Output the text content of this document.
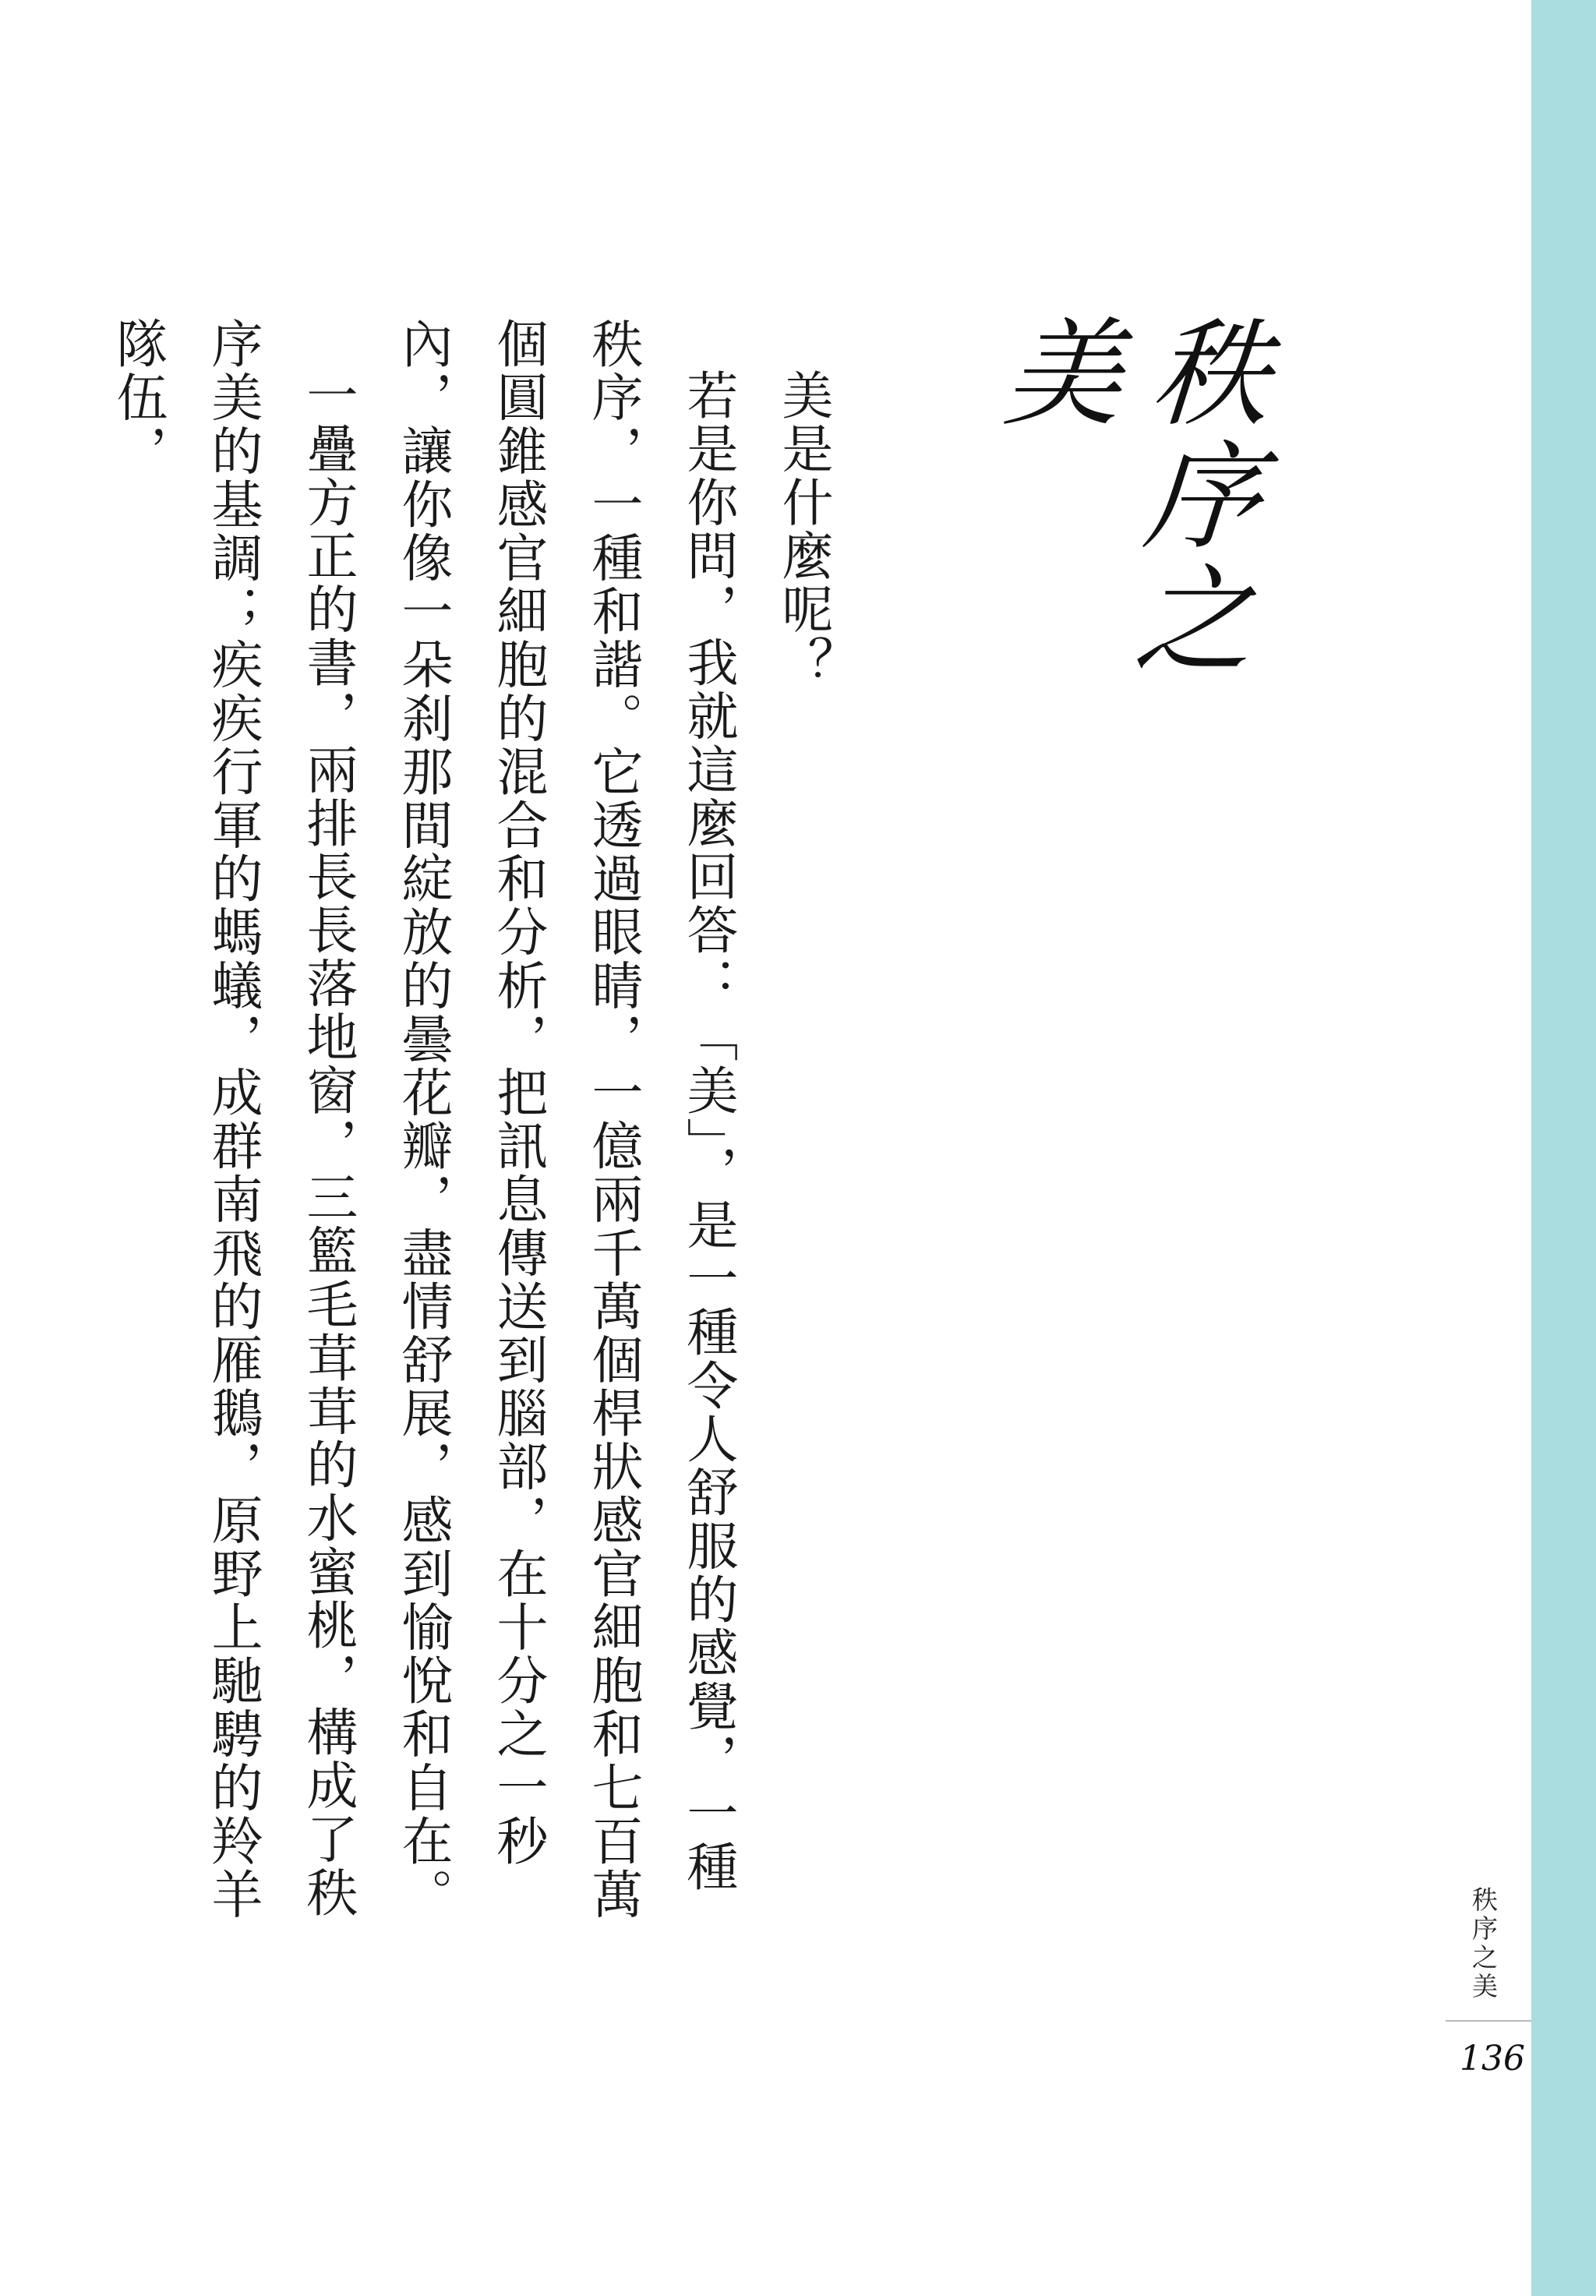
秩序之美

美是什麼呢？

若是你問，我就這麼回答：「美」，是一種令人舒服的感覺，一種秩序，一種和諧。它透過眼睛，一億兩千萬個桿狀感官細胞和七百萬個圓錐感官細胞的混合和分析，把訊息傳送到腦部，在十分之一秒內，讓你像一朵刹那間綻放的曇花瓣，盡情舒展，感到愉悅和自在。

一疊方正的書，兩排長長落地窗，三籃毛茸茸的水蜜桃，構成了秩序美的基調；疾疾行軍的螞蟻，成群南飛的雁鵝，原野上馳騁的羚羊隊伍，

秩序之美
136
